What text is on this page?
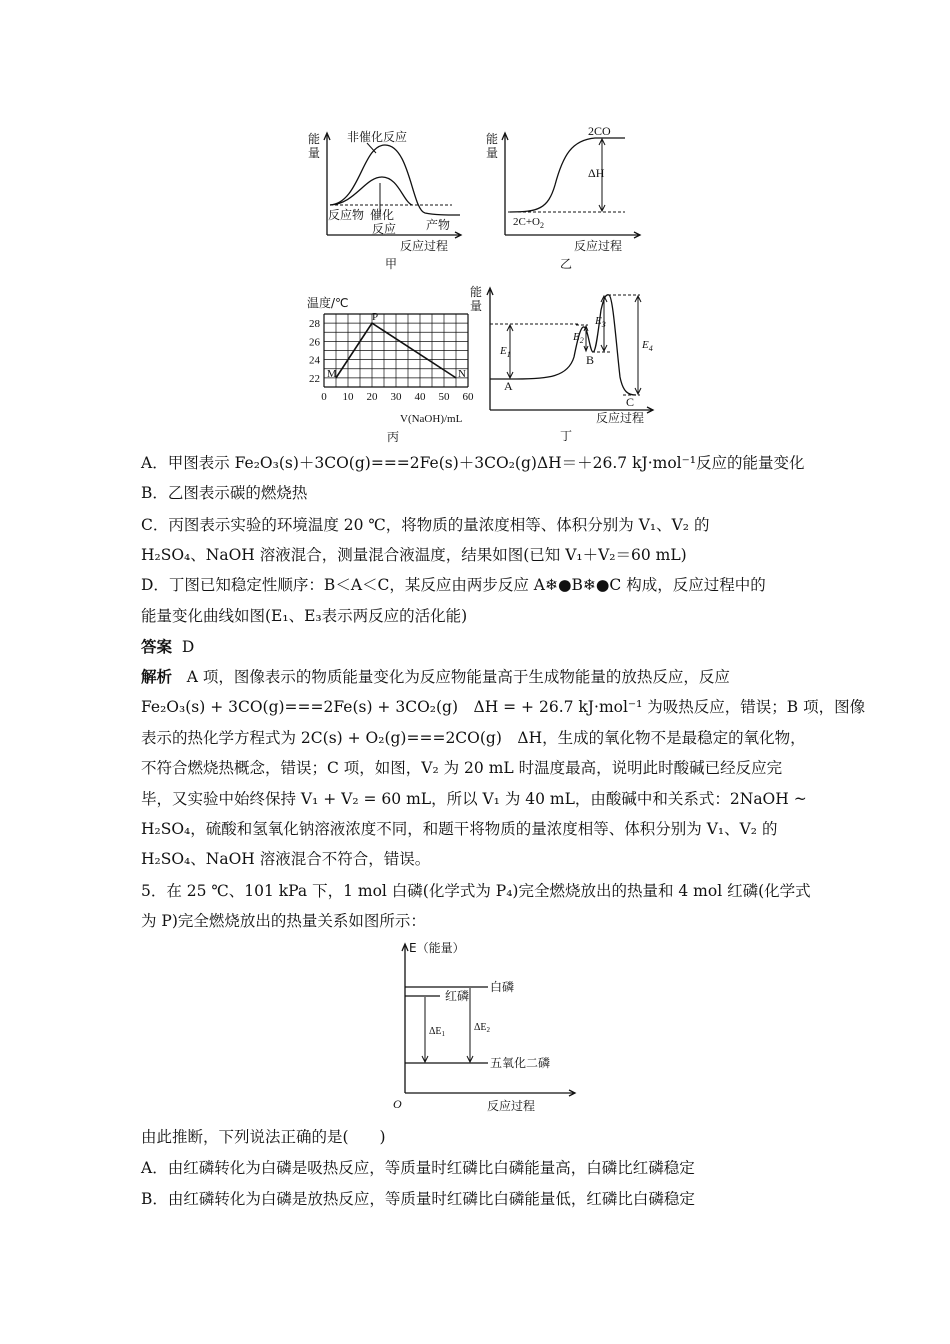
能
量
非催化反应
催化
反应
反应物
产物
反应过程
甲
能
量
2CO
ΔH
$2C+O_2$
反应过程
乙
温度/℃
V(NaOH)/mL
丙
0 10 20 30 40 50 60
22
24
26
28
M
P
N
能
量
$E_1$
$E_2$
$E_3$
$E_4$
A
B
C
反应过程
丁
A．甲图表示 Fe₂O₃(s)＋3CO(g)===2Fe(s)＋3CO₂(g)ΔH＝＋26.7 kJ·mol⁻¹反应的能量变化
B．乙图表示碳的燃烧热
C．丙图表示实验的环境温度 20 ℃，将物质的量浓度相等、体积分别为 V₁、V₂ 的
H₂SO₄、NaOH 溶液混合，测量混合液温度，结果如图(已知 V₁＋V₂＝60 mL)
D．丁图已知稳定性顺序：B＜A＜C，某反应由两步反应 A❄●B❄●C 构成，反应过程中的
能量变化曲线如图(E₁、E₃表示两反应的活化能)
答案 D
解析 A 项，图像表示的物质能量变化为反应物能量高于生成物能量的放热反应，反应
Fe₂O₃(s) + 3CO(g)===2Fe(s) + 3CO₂(g)　ΔH = + 26.7 kJ·mol⁻¹ 为吸热反应，错误；B 项，图像
表示的热化学方程式为 2C(s) + O₂(g)===2CO(g)　ΔH，生成的氧化物不是最稳定的氧化物，
不符合燃烧热概念，错误；C 项，如图，V₂ 为 20 mL 时温度最高，说明此时酸碱已经反应完
毕，又实验中始终保持 V₁ + V₂ = 60 mL，所以 V₁ 为 40 mL，由酸碱中和关系式：2NaOH ~
H₂SO₄，硫酸和氢氧化钠溶液浓度不同，和题干将物质的量浓度相等、体积分别为 V₁、V₂ 的
H₂SO₄、NaOH 溶液混合不符合，错误。
5．在 25 ℃、101 kPa 下，1 mol 白磷(化学式为 P₄)完全燃烧放出的热量和 4 mol 红磷(化学式
为 P)完全燃烧放出的热量关系如图所示：
E（能量）
白磷
红磷
五氧化二磷
$\Delta E_1$
$\Delta E_2$
O	反应过程
由此推断，下列说法正确的是(　　)
A．由红磷转化为白磷是吸热反应，等质量时红磷比白磷能量高，白磷比红磷稳定
B．由红磷转化为白磷是放热反应，等质量时红磷比白磷能量低，红磷比白磷稳定
